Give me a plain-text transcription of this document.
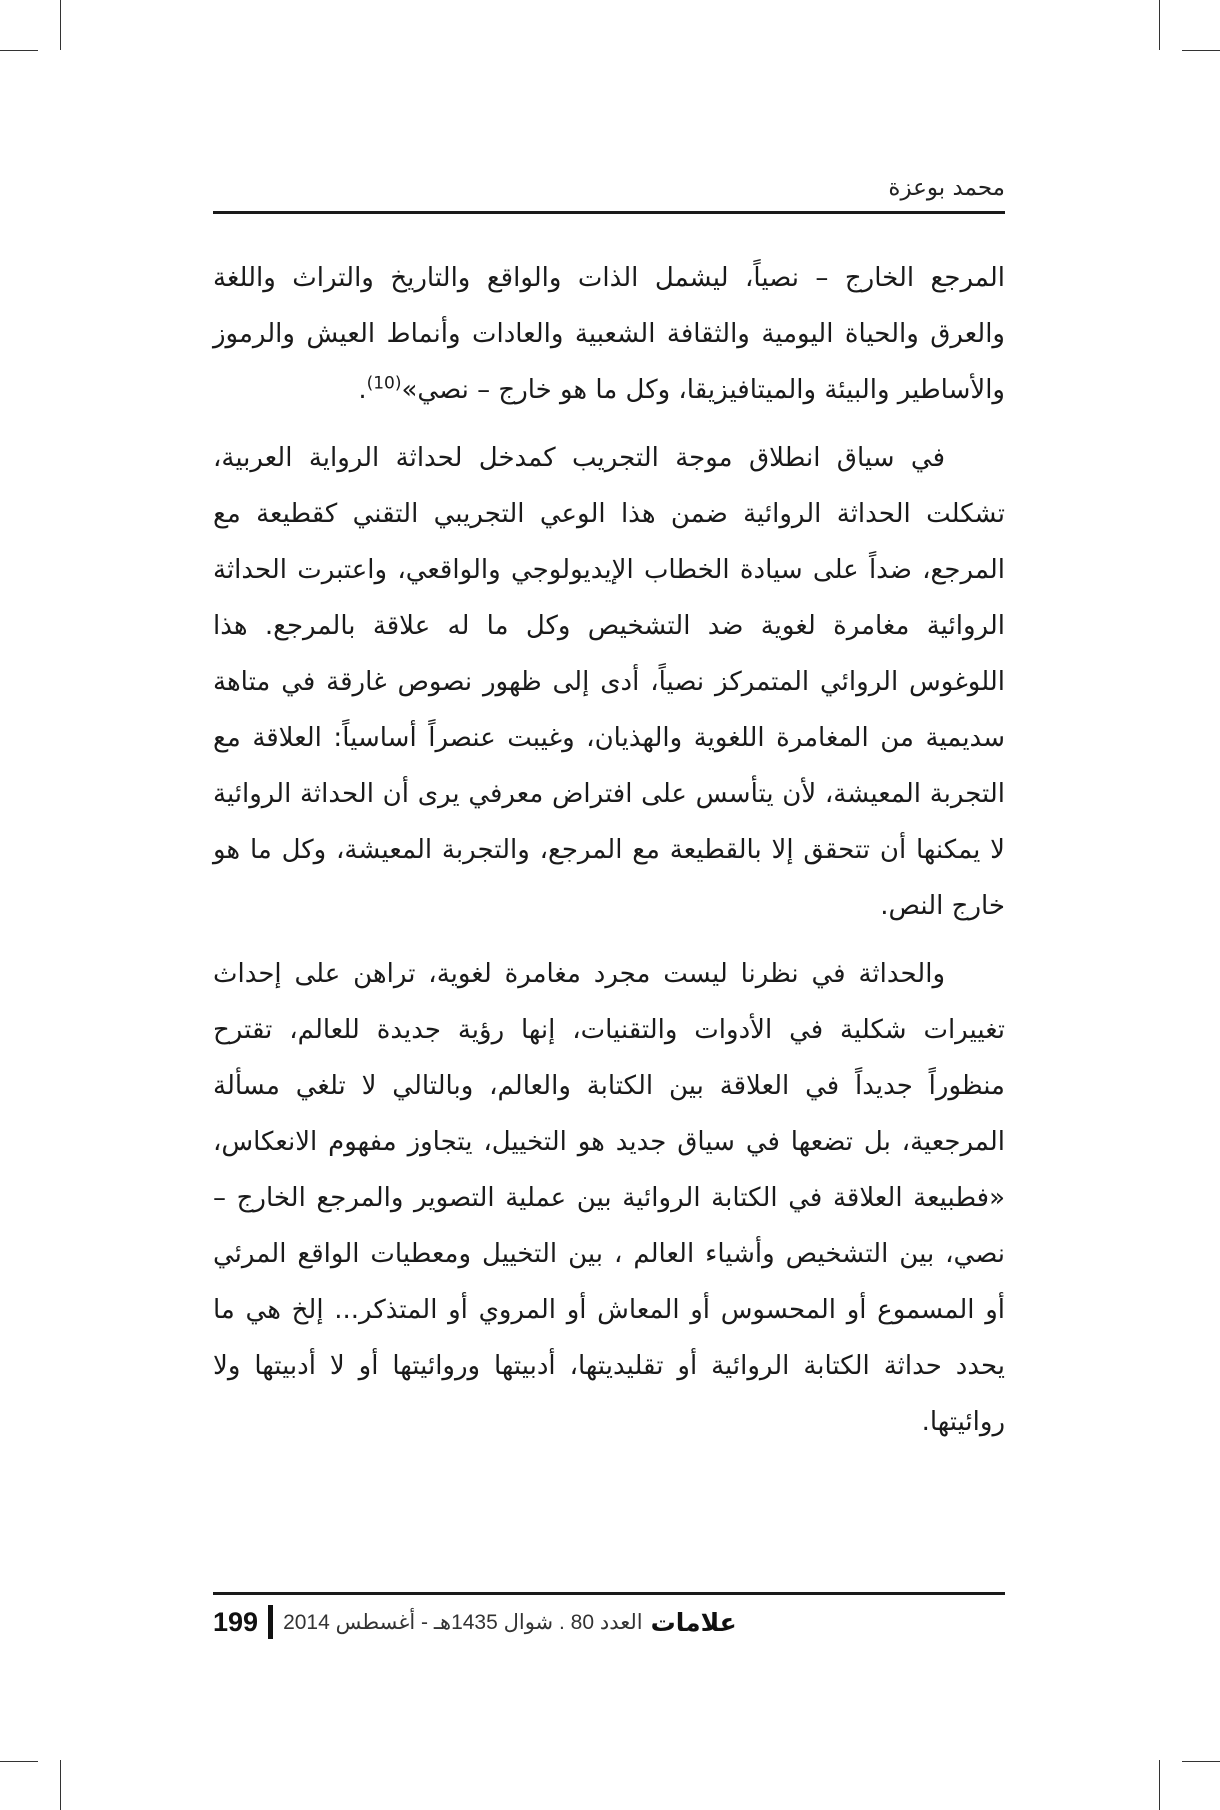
محمد بوعزة

المرجع الخارج – نصياً، ليشمل الذات والواقع والتاريخ والتراث واللغة والعرق والحياة اليومية والثقافة الشعبية والعادات وأنماط العيش والرموز والأساطير والبيئة والميتافيزيقا، وكل ما هو خارج – نصي»$^{(10)}$.

في سياق انطلاق موجة التجريب كمدخل لحداثة الرواية العربية، تشكلت الحداثة الروائية ضمن هذا الوعي التجريبي التقني كقطيعة مع المرجع، ضداً على سيادة الخطاب الإيديولوجي والواقعي، واعتبرت الحداثة الروائية مغامرة لغوية ضد التشخيص وكل ما له علاقة بالمرجع. هذا اللوغوس الروائي المتمركز نصياً، أدى إلى ظهور نصوص غارقة في متاهة سديمية من المغامرة اللغوية والهذيان، وغيبت عنصراً أساسياً: العلاقة مع التجربة المعيشة، لأن يتأسس على افتراض معرفي يرى أن الحداثة الروائية لا يمكنها أن تتحقق إلا بالقطيعة مع المرجع، والتجربة المعيشة، وكل ما هو خارج النص.

والحداثة في نظرنا ليست مجرد مغامرة لغوية، تراهن على إحداث تغييرات شكلية في الأدوات والتقنيات، إنها رؤية جديدة للعالم، تقترح منظوراً جديداً في العلاقة بين الكتابة والعالم، وبالتالي لا تلغي مسألة المرجعية، بل تضعها في سياق جديد هو التخييل، يتجاوز مفهوم الانعكاس، «فطبيعة العلاقة في الكتابة الروائية بين عملية التصوير والمرجع الخارج – نصي، بين التشخيص وأشياء العالم ، بين التخييل ومعطيات الواقع المرئي أو المسموع أو المحسوس أو المعاش أو المروي أو المتذكر... إلخ هي ما يحدد حداثة الكتابة الروائية أو تقليديتها، أدبيتها وروائيتها أو لا أدبيتها ولا روائيتها.

علامات
العدد 80 . شوال 1435هـ - أغسطس 2014
199
